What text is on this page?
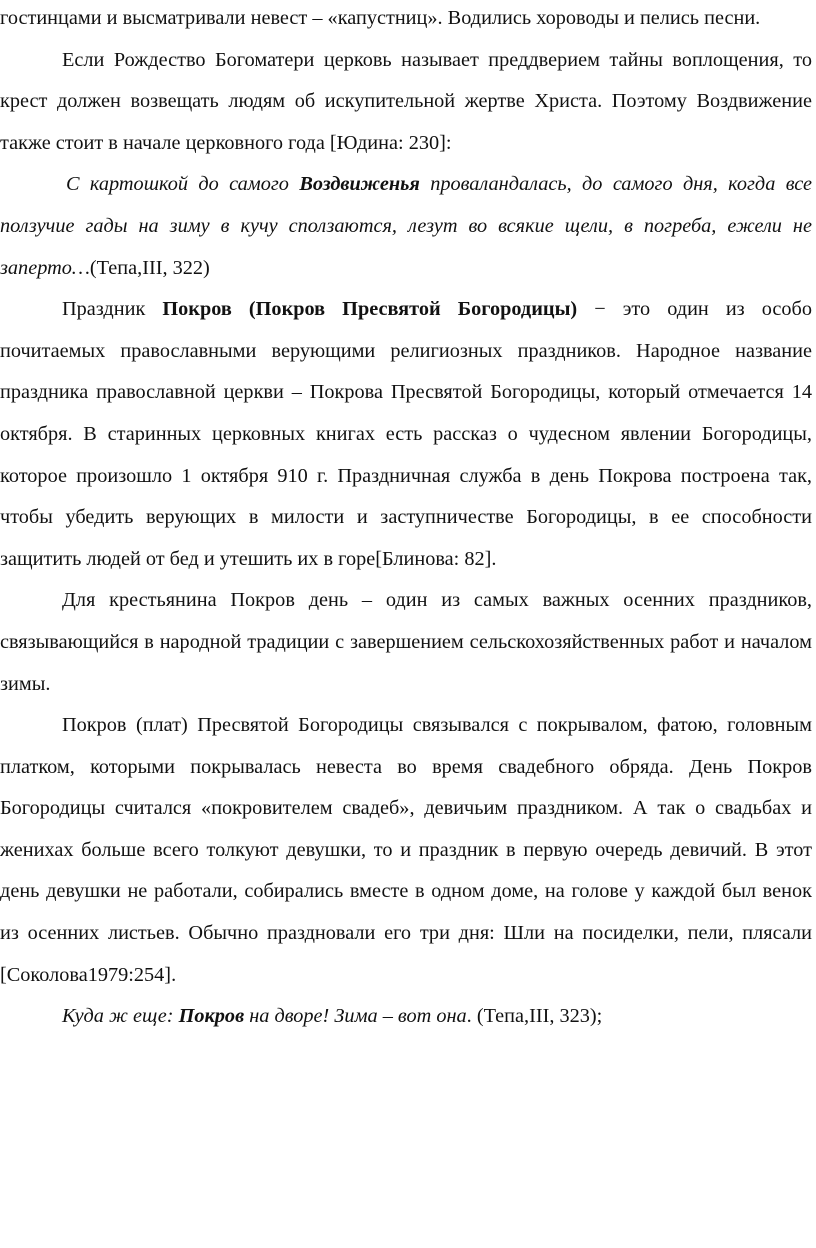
гостинцами и высматривали невест – «капустниц». Водились хороводы и пелись песни.

Если Рождество Богоматери церковь называет преддверием тайны воплощения, то крест должен возвещать людям об искупительной жертве Христа. Поэтому Воздвижение также стоит в начале церковного года [Юдина: 230]:

С картошкой до самого Воздвиженья проваландалась, до самого дня, когда все ползучие гады на зиму в кучу сползаются, лезут во всякие щели, в погреба, ежели не заперто…(Тепа,III, 322)

Праздник Покров (Покров Пресвятой Богородицы) − это один из особо почитаемых православными верующими религиозных праздников. Народное название праздника православной церкви – Покрова Пресвятой Богородицы, который отмечается 14 октября. В старинных церковных книгах есть рассказ о чудесном явлении Богородицы, которое произошло 1 октября 910 г. Праздничная служба в день Покрова построена так, чтобы убедить верующих в милости и заступничестве Богородицы, в ее способности защитить людей от бед и утешить их в горе[Блинова: 82].

Для крестьянина Покров день – один из самых важных осенних праздников, связывающийся в народной традиции с завершением сельскохозяйственных работ и началом зимы.

Покров (плат) Пресвятой Богородицы связывался с покрывалом, фатою, головным платком, которыми покрывалась невеста во время свадебного обряда. День Покров Богородицы считался «покровителем свадеб», девичьим праздником. А так о свадьбах и женихах больше всего толкуют девушки, то и праздник в первую очередь девичий. В этот день девушки не работали, собирались вместе в одном доме, на голове у каждой был венок из осенних листьев. Обычно праздновали его три дня: Шли на посиделки, пели, плясали [Соколова1979:254].

Куда ж еще: Покров на дворе! Зима – вот она. (Тепа,III, 323);
